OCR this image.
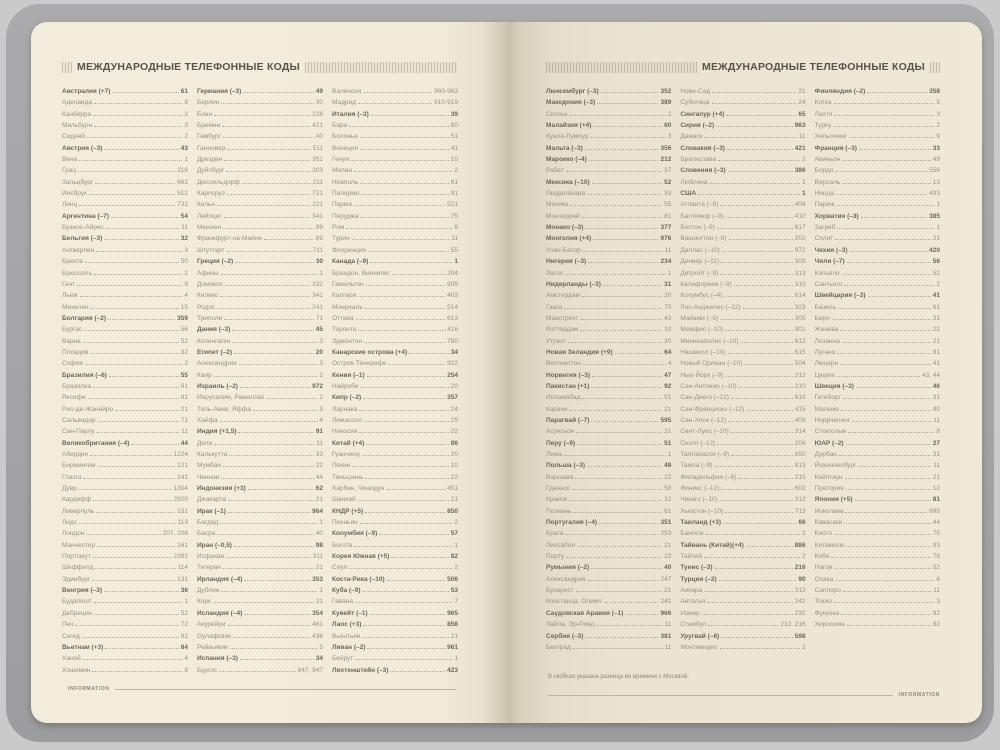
МЕЖДУНАРОДНЫЕ ТЕЛЕФОННЫЕ КОДЫ
Австралия (+7)	61
Аделаида	8
Канберра	2
Мельбурн	3
Сидней	2
Австрия (–3)	43
Вена	1
Грац	316
Зальцбург	662
Инсбрук	512
Линц	732
Аргентина (–7)	54
Буэнос-Айрес	11
Бельгия (–3)	32
Антверпен	3
Брюгге	50
Брюссель	2
Гент	9
Льеж	4
Мехелен	15
Болгария (–2)	359
Бургас	56
Варна	52
Пловдив	32
София	2
Бразилия (–6)	55
Бразилиа	61
Ресифи	81
Рио-де-Жанейро	21
Сальвадор	71
Сан-Паулу	11
Великобритания (–4)	44
Абердин	1224
Бирмингем	121
Глазго	141
Дувр	1304
Кардифф	2920
Ливерпуль	151
Лидс	113
Лондон	207, 208
Манчестер	161
Портсмут	2392
Шеффилд	114
Эдинбург	131
Венгрия (–3)	36
Будапешт	1
Дебрецен	52
Печ	72
Сегед	62
Вьетнам (+3)	84
Ханой	4
Хошимин	8
Германия (–3)	49
Берлин	30
Бонн	228
Бремен	421
Гамбург	40
Ганновер	511
Дрезден	351
Дуйсбург	203
Дюссельдорф	211
Карлсруэ	721
Кельн	221
Лейпциг	341
Мюнхен	89
Франкфурт-на-Майне	69
Штутгарт	711
Греция (–2)	30
Афины	1
Домокос	232
Килкис	341
Родос	241
Триполи	71
Дания (–3)	45
Копенгаген	3
Египет (–2)	20
Александрия	3
Каир	2
Израиль (–2)	972
Иерусалим, Рамаллах	2
Тель-Авив, Яффа	3
Хайфа	4
Индия (+1,5)	91
Дели	11
Калькутта	33
Мумбаи	22
Ченнаи	44
Индонезия (+3)	62
Джакарта	21
Ирак (–1)	964
Багдад	1
Басра	40
Иран (–0,5)	98
Исфахан	311
Тегеран	21
Ирландия (–4)	353
Дублин	1
Корк	21
Исландия (–4)	354
Акурейри	461
Оулафсвик	436
Рейкьявик	5
Испания (–3)	34
Бургос	847, 947
Валенсия	960-963
Мадрид	910-919
Италия (–3)	39
Бари	80
Болонья	51
Венеция	41
Генуя	10
Милан	2
Неаполь	81
Палермо	91
Парма	521
Перуджа	75
Рим	6
Турин	11
Флоренция	55
Канада (–9)	1
Брандон, Виннипег	204
Гамильтон	905
Калгари	403
Монреаль	514
Оттава	613
Торонто	416
Эдмонтон	780
Канарские острова (+4)	34
Остров Тенерифе	922
Кения (–1)	254
Найроби	20
Кипр (–2)	357
Ларнака	24
Лимассол	25
Никосия	22
Китай (+4)	86
Гуанчжоу	20
Пекин	10
Тяньцзинь	22
Харбин, Чжаодун	451
Шанхай	21
КНДР (+5)	850
Пхеньян	2
Колумбия (–9)	57
Богота	1
Корея Южная (+5)	82
Сеул	2
Коста-Рика (–10)	506
Куба (–9)	53
Гавана	7
Кувейт (–1)	965
Лаос (+3)	856
Вьентьян	21
Ливан (–2)	961
Бейрут	1
Лихтенштейн (–3)	423
INFORMATION
МЕЖДУНАРОДНЫЕ ТЕЛЕФОННЫЕ КОДЫ
Люксембург (–3)	352
Македония (–3)	389
Скопье	2
Малайзия (+4)	60
Куала-Лумпур	3
Мальта (–3)	356
Марокко (–4)	212
Рабат	37
Мексика (–10)	52
Гвадалахара	33
Мехико	55
Монтеррей	81
Монако (–3)	377
Монголия (+4)	976
Улан-Батор	11
Нигерия (–3)	234
Лагос	1
Нидерланды (–3)	31
Амстердам	20
Гаага	70
Маастрихт	43
Роттердам	10
Утрехт	30
Новая Зеландия (+9)	64
Веллингтон	4
Норвегия (–3)	47
Пакистан (+1)	92
Исламабад	51
Карачи	21
Парагвай (–7)	595
Асунсьон	21
Перу (–9)	51
Лима	1
Польша (–3)	48
Варшава	22
Гданьск	58
Краков	12
Познань	61
Португалия (–4)	351
Брага	253
Лиссабон	21
Порту	22
Румыния (–2)	40
Александрия	247
Бухарест	21
Констанца, Олимп	241
Саудовская Аравия (–1)	966
Лайла, Эр-Рияд	11
Сербия (–3)	381
Белград	11
Нови-Сад	21
Суботица	24
Сингапур (+4)	65
Сирия (–2)	963
Дамаск	11
Словакия (–3)	421
Братислава	2
Словения (–3)	386
Любляна	1
США	1
Атланта (–9)	404
Балтимор (–9)	410
Бостон (–9)	617
Вашингтон (–9)	202
Даллас (–10)	972
Денвер (–11)	303
Детройт (–9)	313
Калифорния (–9)	310
Колумбус (–4)	614
Лос-Анджелес (–12)	323
Майами (–9)	305
Мемфис (–10)	901
Миннеаполис (–10)	612
Нашвилл (–10)	615
Новый Орлеан (–10)	504
Нью-Йорк (–9)	212
Сан-Антонио (–10)	210
Сан-Диего (–12)	619
Сан-Франциско (–12)	415
Сан-Хосе (–12)	408
Сент-Луис (–10)	314
Сиэтл (–12)	206
Таллахасси (–9)	850
Тампа (–9)	813
Филадельфия (–9)	215
Финикс (–12)	602
Чикаго (–10)	312
Хьюстон (–10)	713
Таиланд (+3)	66
Бангкок	2
Тайвань (Китай)(+4)	886
Тайпей	2
Тунис (–3)	216
Турция (–2)	90
Анкара	312
Анталья	242
Измир	232
Стамбул	212, 216
Уругвай (–6)	598
Монтевидео	2
Финляндия (–2)	358
Котка	5
Лахти	3
Турку	2
Хельсинки	9
Франция (–3)	33
Авиньон	49
Бордо	556
Версаль	13
Ницца	493
Париж	1
Хорватия (–3)	385
Загреб	1
Сплит	21
Чехия (–3)	420
Чили (–7)	56
Копьяпо	52
Сантьяго	2
Швейцария (–3)	41
Базель	61
Берн	31
Женева	22
Лозанна	21
Лугано	91
Люцерн	41
Цюрих	43, 44
Швеция (–3)	46
Гетеборг	31
Мальме	40
Норрчепинг	11
Стокгольм	8
ЮАР (–2)	27
Дурбан	31
Йоханнесбург	11
Кейптаун	21
Претория	12
Япония (+5)	81
Иокогама	995
Кавасаки	44
Киото	75
Китакюсю	93
Кобе	78
Нагоя	52
Осака	6
Саппоро	11
Токио	3
Фукуока	92
Хиросима	82
В скобках указана разница во времени с Москвой.
INFORMATION
